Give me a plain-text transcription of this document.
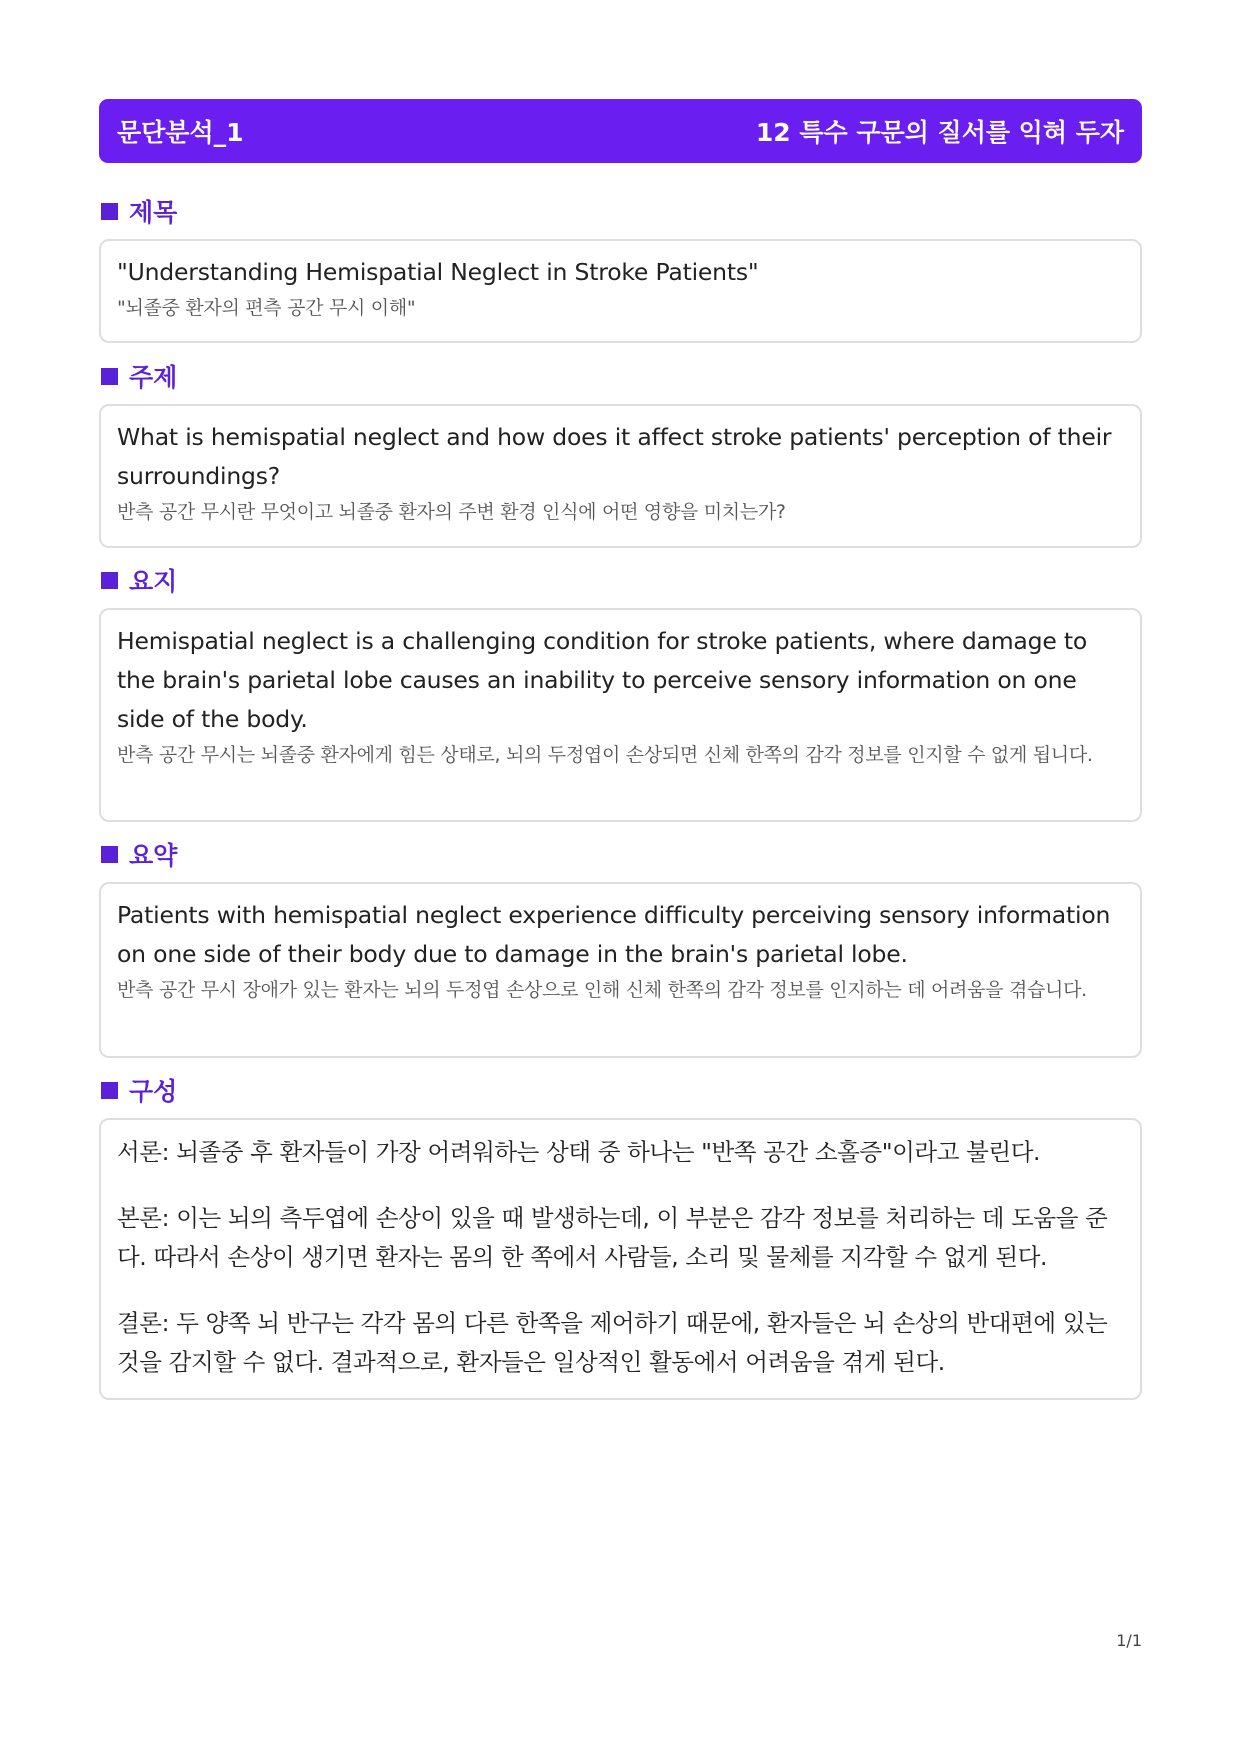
문단분석_1	12 특수 구문의 질서를 익혀 두자
제목
"Understanding Hemispatial Neglect in Stroke Patients"
"뇌졸중 환자의 편측 공간 무시 이해"
주제
What is hemispatial neglect and how does it affect stroke patients' perception of their surroundings?
반측 공간 무시란 무엇이고 뇌졸중 환자의 주변 환경 인식에 어떤 영향을 미치는가?
요지
Hemispatial neglect is a challenging condition for stroke patients, where damage to the brain's parietal lobe causes an inability to perceive sensory information on one side of the body.
반측 공간 무시는 뇌졸중 환자에게 힘든 상태로, 뇌의 두정엽이 손상되면 신체 한쪽의 감각 정보를 인지할 수 없게 됩니다.
요약
Patients with hemispatial neglect experience difficulty perceiving sensory information on one side of their body due to damage in the brain's parietal lobe.
반측 공간 무시 장애가 있는 환자는 뇌의 두정엽 손상으로 인해 신체 한쪽의 감각 정보를 인지하는 데 어려움을 겪습니다.
구성

서론: 뇌졸중 후 환자들이 가장 어려워하는 상태 중 하나는 "반쪽 공간 소홀증"이라고 불린다.

본론: 이는 뇌의 측두엽에 손상이 있을 때 발생하는데, 이 부분은 감각 정보를 처리하는 데 도움을 준다. 따라서 손상이 생기면 환자는 몸의 한 쪽에서 사람들, 소리 및 물체를 지각할 수 없게 된다.

결론: 두 양쪽 뇌 반구는 각각 몸의 다른 한쪽을 제어하기 때문에, 환자들은 뇌 손상의 반대편에 있는 것을 감지할 수 없다. 결과적으로, 환자들은 일상적인 활동에서 어려움을 겪게 된다.

1/1
